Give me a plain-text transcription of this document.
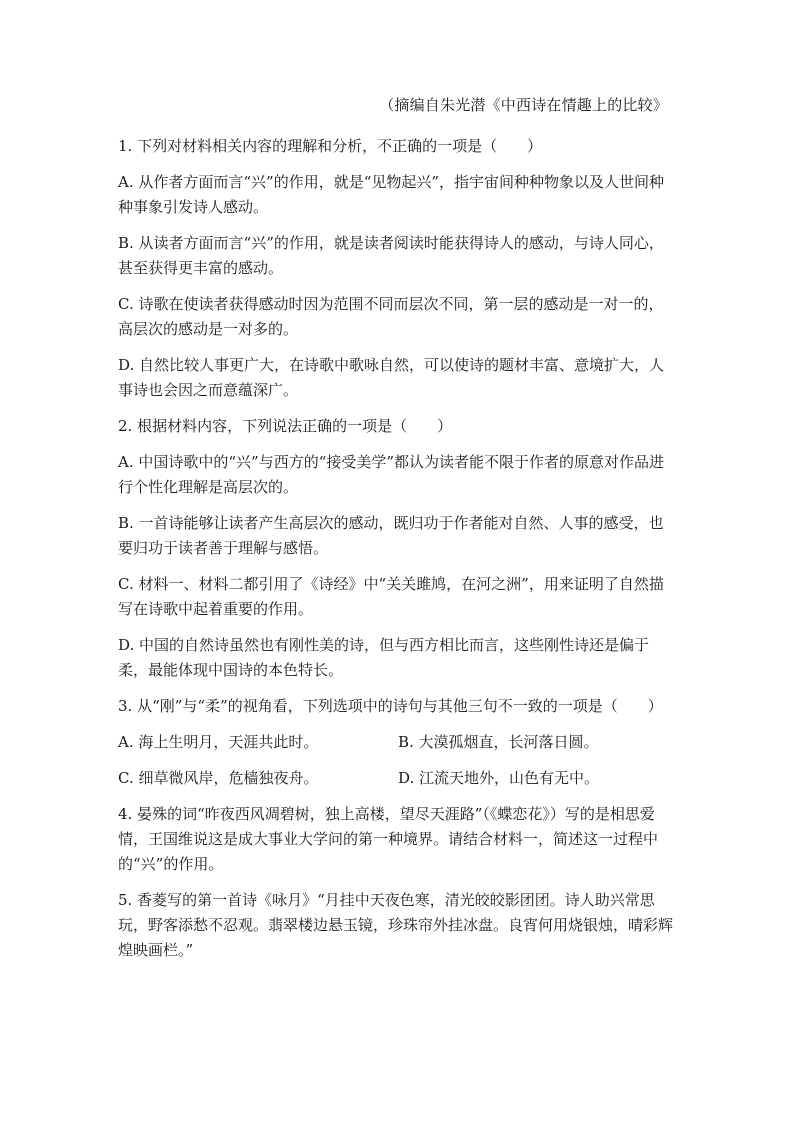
（摘编自朱光潜《中西诗在情趣上的比较》
1. 下列对材料相关内容的理解和分析，不正确的一项是（　　）
A. 从作者方面而言“兴”的作用，就是“见物起兴”，指宇宙间种种物象以及人世间种种事象引发诗人感动。
B. 从读者方面而言“兴”的作用，就是读者阅读时能获得诗人的感动，与诗人同心，甚至获得更丰富的感动。
C. 诗歌在使读者获得感动时因为范围不同而层次不同，第一层的感动是一对一的，高层次的感动是一对多的。
D. 自然比较人事更广大，在诗歌中歌咏自然，可以使诗的题材丰富、意境扩大，人事诗也会因之而意蕴深广。
2. 根据材料内容，下列说法正确的一项是（　　）
A. 中国诗歌中的“兴”与西方的“接受美学”都认为读者能不限于作者的原意对作品进行个性化理解是高层次的。
B. 一首诗能够让读者产生高层次的感动，既归功于作者能对自然、人事的感受，也要归功于读者善于理解与感悟。
C. 材料一、材料二都引用了《诗经》中“关关雎鸠，在河之洲”，用来证明了自然描写在诗歌中起着重要的作用。
D. 中国的自然诗虽然也有刚性美的诗，但与西方相比而言，这些刚性诗还是偏于柔，最能体现中国诗的本色特长。
3. 从“刚”与“柔”的视角看，下列选项中的诗句与其他三句不一致的一项是（　　）
A. 海上生明月，天涯共此时。	B. 大漠孤烟直，长河落日圆。
C. 细草微风岸，危樯独夜舟。	D. 江流天地外，山色有无中。
4. 晏殊的词“昨夜西风凋碧树，独上高楼，望尽天涯路”（《蝶恋花》）写的是相思爱情，王国维说这是成大事业大学问的第一种境界。请结合材料一，简述这一过程中的“兴”的作用。
5. 香菱写的第一首诗《咏月》“月挂中天夜色寒，清光皎皎影团团。诗人助兴常思玩，野客添愁不忍观。翡翠楼边悬玉镜，珍珠帘外挂冰盘。良宵何用烧银烛，晴彩辉煌映画栏。”
